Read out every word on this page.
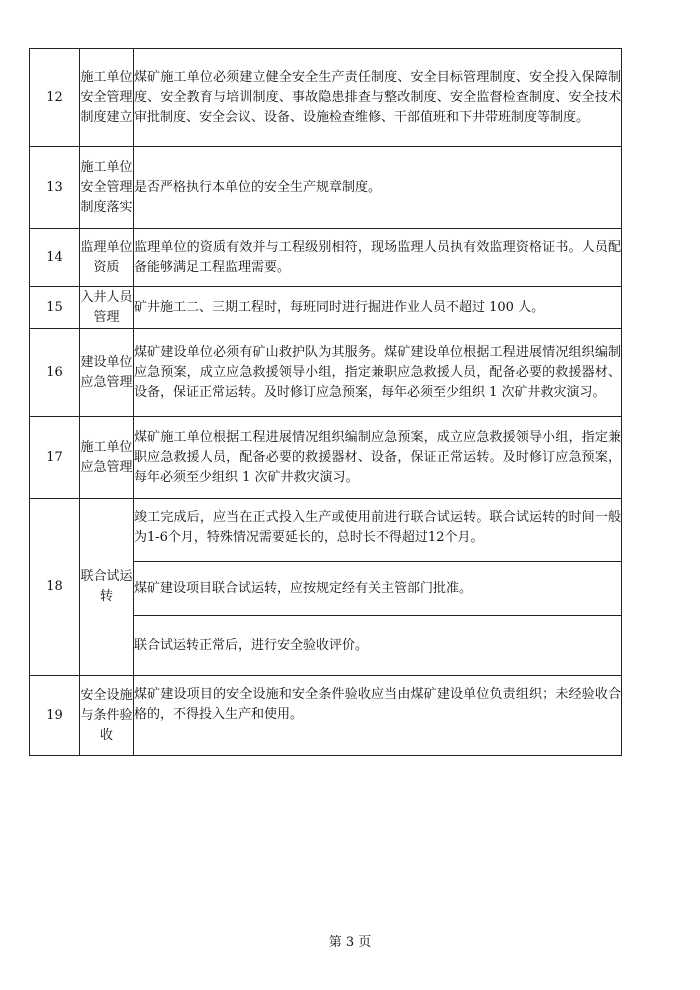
12	施工单位安全管理制度建立	煤矿施工单位必须建立健全安全生产责任制度、安全目标管理制度、安全投入保障制度、安全教育与培训制度、事故隐患排查与整改制度、安全监督检查制度、安全技术审批制度、安全会议、设备、设施检查维修、干部值班和下井带班制度等制度。
13	施工单位安全管理制度落实	是否严格执行本单位的安全生产规章制度。
14	监理单位资质	监理单位的资质有效并与工程级别相符，现场监理人员执有效监理资格证书。人员配备能够满足工程监理需要。
15	入井人员管理	矿井施工二、三期工程时，每班同时进行掘进作业人员不超过 100 人。
16	建设单位应急管理	煤矿建设单位必须有矿山救护队为其服务。煤矿建设单位根据工程进展情况组织编制应急预案，成立应急救援领导小组，指定兼职应急救援人员，配备必要的救援器材、设备，保证正常运转。及时修订应急预案，每年必须至少组织 1 次矿井救灾演习。
17	施工单位应急管理	煤矿施工单位根据工程进展情况组织编制应急预案，成立应急救援领导小组，指定兼职应急救援人员，配备必要的救援器材、设备，保证正常运转。及时修订应急预案，每年必须至少组织 1 次矿井救灾演习。
18	联合试运转	竣工完成后，应当在正式投入生产或使用前进行联合试运转。联合试运转的时间一般为1-6个月，特殊情况需要延长的，总时长不得超过12个月。
		煤矿建设项目联合试运转，应按规定经有关主管部门批准。
		联合试运转正常后，进行安全验收评价。
19	安全设施与条件验收	煤矿建设项目的安全设施和安全条件验收应当由煤矿建设单位负责组织；未经验收合格的，不得投入生产和使用。
第 3 页
